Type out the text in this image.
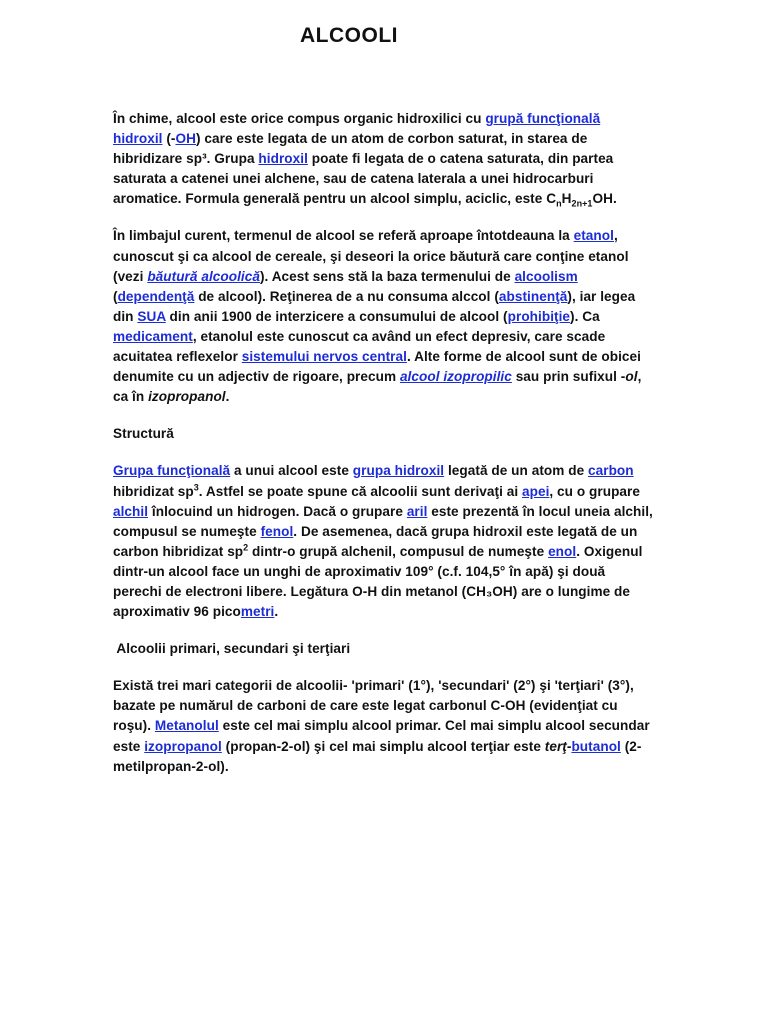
ALCOOLI

În chime, alcool este orice compus organic hidroxilici cu grupă funcţională hidroxil (-OH) care este legata de un atom de corbon saturat, in starea de hibridizare sp³. Grupa hidroxil poate fi legata de o catena saturata, din partea saturata a catenei unei alchene, sau de catena laterala a unei hidrocarburi aromatice. Formula generală pentru un alcool simplu, aciclic, este $C_nH_{2n+1}OH$.

În limbajul curent, termenul de alcool se referă aproape întotdeauna la etanol, cunoscut şi ca alcool de cereale, şi deseori la orice băutură care conţine etanol (vezi băutură alcoolică). Acest sens stă la baza termenului de alcoolism (dependenţă de alcool). Reţinerea de a nu consuma alccol (abstinenţă), iar legea din SUA din anii 1900 de interzicere a consumului de alcool (prohibiţie). Ca medicament, etanolul este cunoscut ca având un efect depresiv, care scade acuitatea reflexelor sistemului nervos central. Alte forme de alcool sunt de obicei denumite cu un adjectiv de rigoare, precum alcool izopropilic sau prin sufixul -ol, ca în izopropanol.

Structură

Grupa funcţională a unui alcool este grupa hidroxil legată de un atom de carbon hibridizat $sp^3$. Astfel se poate spune că alcoolii sunt derivaţi ai apei, cu o grupare alchil înlocuind un hidrogen. Dacă o grupare aril este prezentă în locul uneia alchil, compusul se numeşte fenol. De asemenea, dacă grupa hidroxil este legată de un carbon hibridizat $sp^2$ dintr-o grupă alchenil, compusul de numeşte enol. Oxigenul dintr-un alcool face un unghi de aproximativ 109° (c.f. 104,5° în apă) şi două perechi de electroni libere. Legătura O-H din metanol (CH₃OH) are o lungime de aproximativ 96 picometri.

Alcoolii primari, secundari şi terţiari

Există trei mari categorii de alcoolii- 'primari' (1°), 'secundari' (2°) şi 'terţiari' (3°), bazate pe numărul de carboni de care este legat carbonul C-OH (evidenţiat cu roşu). Metanolul este cel mai simplu alcool primar. Cel mai simplu alcool secundar este izopropanol (propan-2-ol) şi cel mai simplu alcool terţiar este terţ-butanol (2-metilpropan-2-ol).
